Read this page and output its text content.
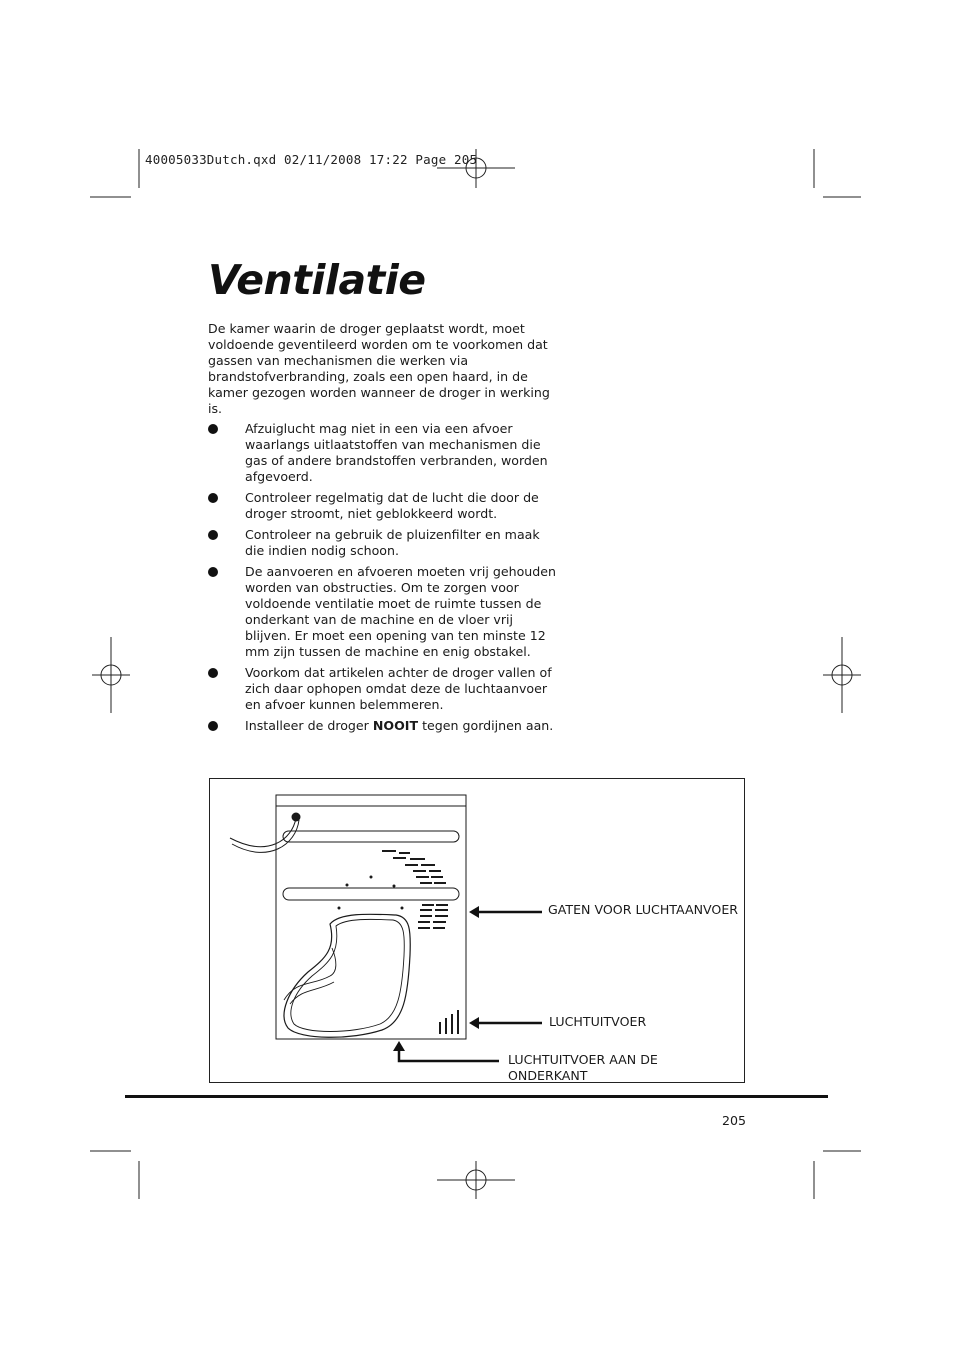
40005033Dutch.qxd 02/11/2008 17:22 Page 205
Ventilatie

De kamer waarin de droger geplaatst wordt, moet voldoende geventileerd worden om te voorkomen dat gassen van mechanismen die werken via brandstofverbranding, zoals een open haard, in de kamer gezogen worden wanneer de droger in werking is.

Afzuiglucht mag niet in een via een afvoer waarlangs uitlaatstoffen van mechanismen die gas of andere brandstoffen verbranden, worden afgevoerd.
Controleer regelmatig dat de lucht die door de droger stroomt, niet geblokkeerd wordt.
Controleer na gebruik de pluizenfilter en maak die indien nodig schoon.
De aanvoeren en afvoeren moeten vrij gehouden worden van obstructies. Om te zorgen voor voldoende ventilatie moet de ruimte tussen de onderkant van de machine en de vloer vrij blijven. Er moet een opening van ten minste 12 mm zijn tussen de machine en enig obstakel.
Voorkom dat artikelen achter de droger vallen of zich daar ophopen omdat deze de luchtaanvoer en afvoer kunnen belemmeren.
Installeer de droger NOOIT tegen gordijnen aan.
GATEN VOOR LUCHTAANVOER
LUCHTUITVOER
LUCHTUITVOER AAN DE
ONDERKANT
205
